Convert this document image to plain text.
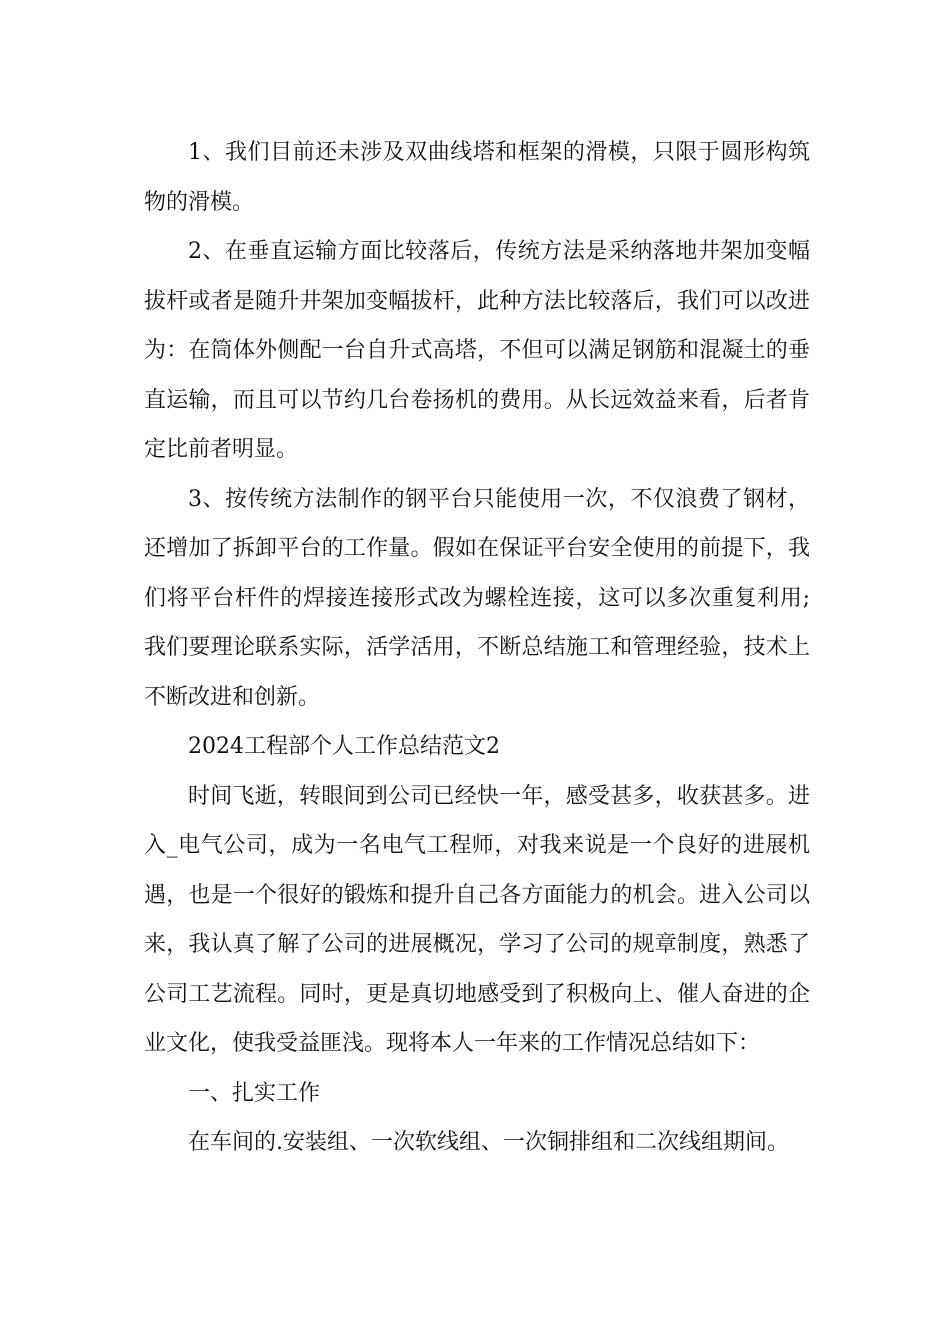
1、我们目前还未涉及双曲线塔和框架的滑模，只限于圆形构筑物的滑模。

2、在垂直运输方面比较落后，传统方法是采纳落地井架加变幅拔杆或者是随升井架加变幅拔杆，此种方法比较落后，我们可以改进为：在筒体外侧配一台自升式高塔，不但可以满足钢筋和混凝土的垂直运输，而且可以节约几台卷扬机的费用。从长远效益来看，后者肯定比前者明显。

3、按传统方法制作的钢平台只能使用一次，不仅浪费了钢材，还增加了拆卸平台的工作量。假如在保证平台安全使用的前提下，我们将平台杆件的焊接连接形式改为螺栓连接，这可以多次重复利用;我们要理论联系实际，活学活用，不断总结施工和管理经验，技术上不断改进和创新。

2024工程部个人工作总结范文2

时间飞逝，转眼间到公司已经快一年，感受甚多，收获甚多。进入_电气公司，成为一名电气工程师，对我来说是一个良好的进展机遇，也是一个很好的锻炼和提升自己各方面能力的机会。进入公司以来，我认真了解了公司的进展概况，学习了公司的规章制度，熟悉了公司工艺流程。同时，更是真切地感受到了积极向上、催人奋进的企业文化，使我受益匪浅。现将本人一年来的工作情况总结如下：

一、扎实工作

在车间的.安装组、一次软线组、一次铜排组和二次线组期间。
